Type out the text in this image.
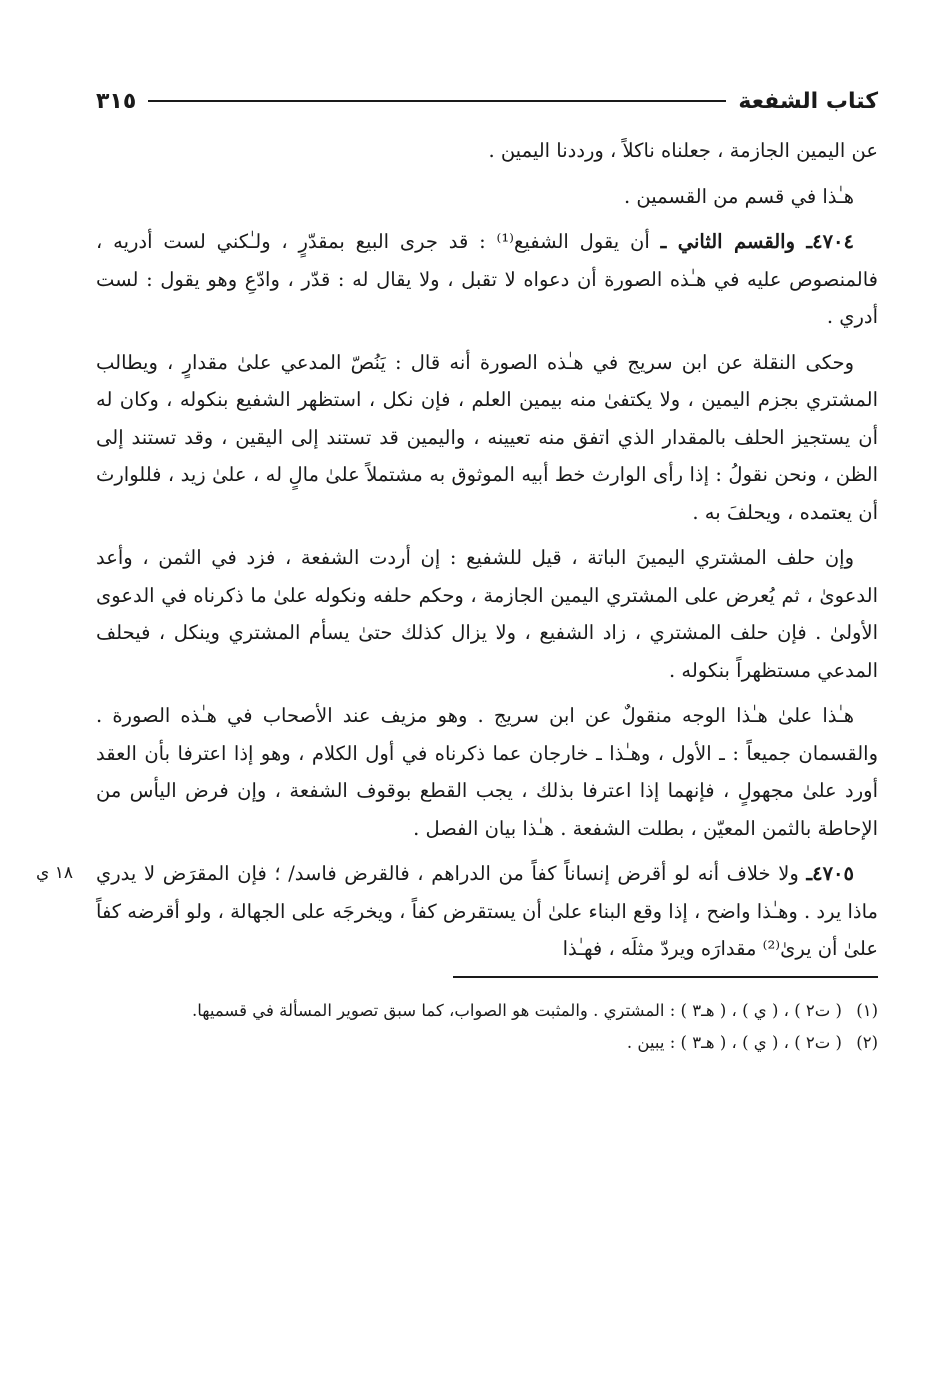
كتاب الشفعة
٣١٥

عن اليمين الجازمة ، جعلناه ناكلاً ، ورددنا اليمين .

هـٰذا في قسم من القسمين .

٤٧٠٤ـ والقسم الثاني ـ أن يقول الشفيع⁽¹⁾ : قد جرى البيع بمقدّرٍ ، ولـٰكني لست أدريه ، فالمنصوص عليه في هـٰذه الصورة أن دعواه لا تقبل ، ولا يقال له : قدّر ، وادّعِ وهو يقول : لست أدري .

وحكى النقلة عن ابن سريج في هـٰذه الصورة أنه قال : يَنُصّ المدعي علىٰ مقدارٍ ، ويطالب المشتري بجزم اليمين ، ولا يكتفىٰ منه بيمين العلم ، فإن نكل ، استظهر الشفيع بنكوله ، وكان له أن يستجيز الحلف بالمقدار الذي اتفق منه تعيينه ، واليمين قد تستند إلى اليقين ، وقد تستند إلى الظن ، ونحن نقولُ : إذا رأى الوارث خط أبيه الموثوق به مشتملاً علىٰ مالٍ له ، علىٰ زيد ، فللوارث أن يعتمده ، ويحلفَ به .

وإن حلف المشتري اليمينَ الباتة ، قيل للشفيع : إن أردت الشفعة ، فزد في الثمن ، وأعد الدعوىٰ ، ثم يُعرض على المشتري اليمين الجازمة ، وحكم حلفه ونكوله علىٰ ما ذكرناه في الدعوى الأولىٰ . فإن حلف المشتري ، زاد الشفيع ، ولا يزال كذلك حتىٰ يسأم المشتري وينكل ، فيحلف المدعي مستظهراً بنكوله .

هـٰذا علىٰ هـٰذا الوجه منقولٌ عن ابن سريج . وهو مزيف عند الأصحاب في هـٰذه الصورة . والقسمان جميعاً : ـ الأول ، وهـٰذا ـ خارجان عما ذكرناه في أول الكلام ، وهو إذا اعترفا بأن العقد أورد علىٰ مجهولٍ ، فإنهما إذا اعترفا بذلك ، يجب القطع بوقوف الشفعة ، وإن فرض اليأس من الإحاطة بالثمن المعيّن ، بطلت الشفعة . هـٰذا بيان الفصل .

١٨ ي	٤٧٠٥ـ ولا خلاف أنه لو أقرض إنساناً كفاً من الدراهم ، فالقرض فاسد/ ؛ فإن المقرَض لا يدري ماذا يرد . وهـٰذا واضح ، إذا وقع البناء علىٰ أن يستقرض كفاً ، ويخرجَه على الجهالة ، ولو أقرضه كفاً علىٰ أن يرىٰ⁽²⁾ مقدارَه ويردّ مثلَه ، فهـٰذا

(١)
( ت٢ ) ، ( ي ) ، ( هـ٣ ) : المشتري . والمثبت هو الصواب، كما سبق تصوير المسألة في قسميها.
(٢)
( ت٢ ) ، ( ي ) ، ( هـ٣ ) : يبين .
